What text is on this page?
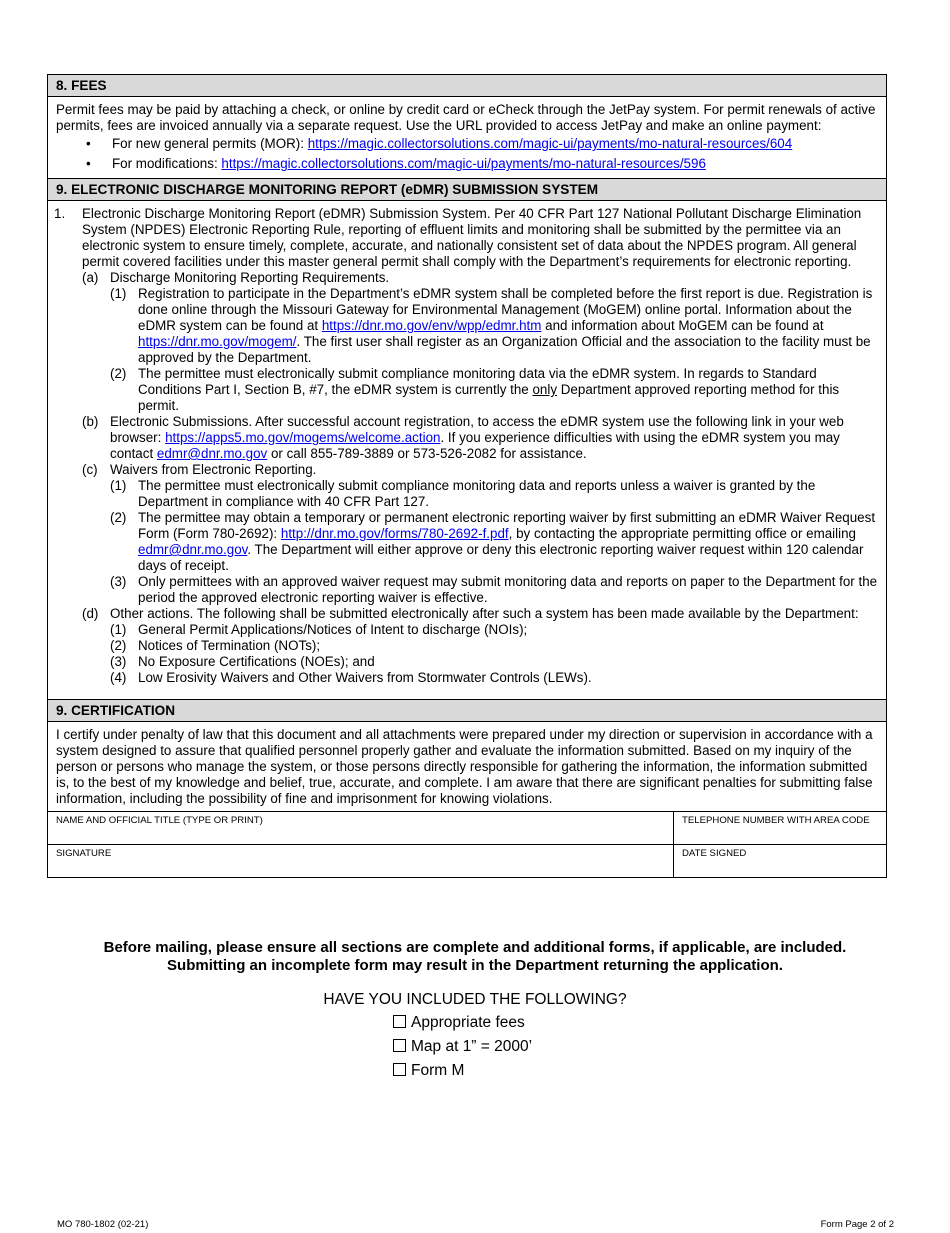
8. FEES
Permit fees may be paid by attaching a check, or online by credit card or eCheck through the JetPay system. For permit renewals of active permits, fees are invoiced annually via a separate request. Use the URL provided to access JetPay and make an online payment:
• For new general permits (MOR): https://magic.collectorsolutions.com/magic-ui/payments/mo-natural-resources/604
• For modifications: https://magic.collectorsolutions.com/magic-ui/payments/mo-natural-resources/596
9. ELECTRONIC DISCHARGE MONITORING REPORT (eDMR) SUBMISSION SYSTEM
1.	Electronic Discharge Monitoring Report (eDMR) Submission System. Per 40 CFR Part 127 National Pollutant Discharge Elimination System (NPDES) Electronic Reporting Rule, reporting of effluent limits and monitoring shall be submitted by the permittee via an electronic system to ensure timely, complete, accurate, and nationally consistent set of data about the NPDES program. All general permit covered facilities under this master general permit shall comply with the Department’s requirements for electronic reporting.
(a) Discharge Monitoring Reporting Requirements.
(1) Registration to participate in the Department’s eDMR system shall be completed before the first report is due. Registration is done online through the Missouri Gateway for Environmental Management (MoGEM) online portal. Information about the eDMR system can be found at https://dnr.mo.gov/env/wpp/edmr.htm and information about MoGEM can be found at https://dnr.mo.gov/mogem/. The first user shall register as an Organization Official and the association to the facility must be approved by the Department.
(2) The permittee must electronically submit compliance monitoring data via the eDMR system. In regards to Standard Conditions Part I, Section B, #7, the eDMR system is currently the only Department approved reporting method for this permit.
(b) Electronic Submissions. After successful account registration, to access the eDMR system use the following link in your web browser: https://apps5.mo.gov/mogems/welcome.action. If you experience difficulties with using the eDMR system you may contact edmr@dnr.mo.gov or call 855-789-3889 or 573-526-2082 for assistance.
(c) Waivers from Electronic Reporting.
(1) The permittee must electronically submit compliance monitoring data and reports unless a waiver is granted by the Department in compliance with 40 CFR Part 127.
(2) The permittee may obtain a temporary or permanent electronic reporting waiver by first submitting an eDMR Waiver Request Form (Form 780-2692): http://dnr.mo.gov/forms/780-2692-f.pdf, by contacting the appropriate permitting office or emailing edmr@dnr.mo.gov. The Department will either approve or deny this electronic reporting waiver request within 120 calendar days of receipt.
(3) Only permittees with an approved waiver request may submit monitoring data and reports on paper to the Department for the period the approved electronic reporting waiver is effective.
(d) Other actions. The following shall be submitted electronically after such a system has been made available by the Department:
(1) General Permit Applications/Notices of Intent to discharge (NOIs);
(2) Notices of Termination (NOTs);
(3) No Exposure Certifications (NOEs); and
(4) Low Erosivity Waivers and Other Waivers from Stormwater Controls (LEWs).
9. CERTIFICATION
I certify under penalty of law that this document and all attachments were prepared under my direction or supervision in accordance with a system designed to assure that qualified personnel properly gather and evaluate the information submitted. Based on my inquiry of the person or persons who manage the system, or those persons directly responsible for gathering the information, the information submitted is, to the best of my knowledge and belief, true, accurate, and complete. I am aware that there are significant penalties for submitting false information, including the possibility of fine and imprisonment for knowing violations.
NAME AND OFFICIAL TITLE (TYPE OR PRINT)	TELEPHONE NUMBER WITH AREA CODE
SIGNATURE	DATE SIGNED
Before mailing, please ensure all sections are complete and additional forms, if applicable, are included.
Submitting an incomplete form may result in the Department returning the application.
HAVE YOU INCLUDED THE FOLLOWING?
Appropriate fees
Map at 1” = 2000’
Form M
MO 780-1802 (02-21)	Form Page 2 of 2
